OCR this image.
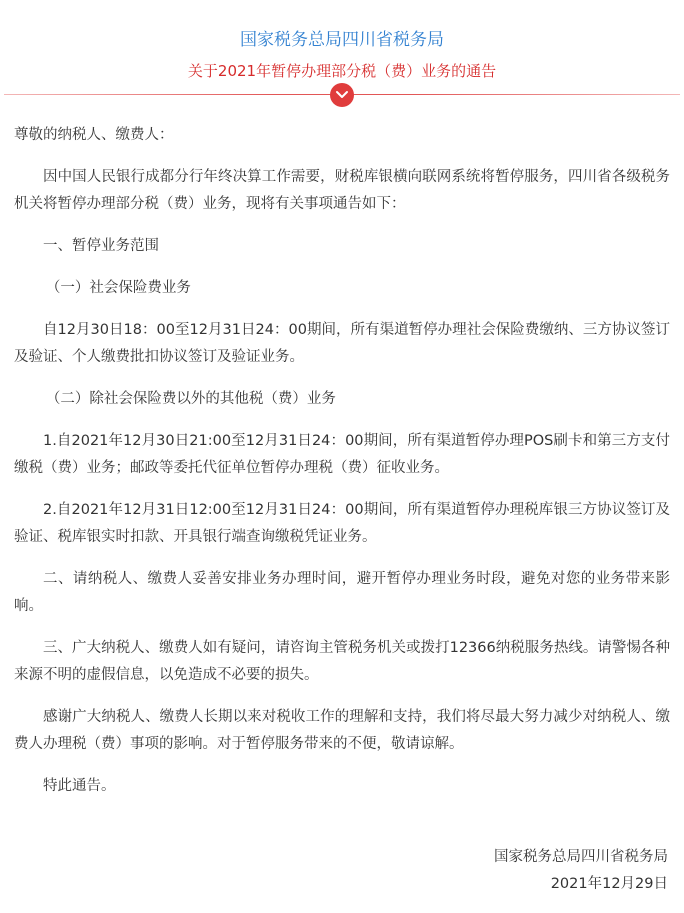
国家税务总局四川省税务局
关于2021年暂停办理部分税（费）业务的通告

尊敬的纳税人、缴费人：

因中国人民银行成都分行年终决算工作需要，财税库银横向联网系统将暂停服务，四川省各级税务机关将暂停办理部分税（费）业务，现将有关事项通告如下：

一、暂停业务范围

（一）社会保险费业务

自12月30日18：00至12月31日24：00期间，所有渠道暂停办理社会保险费缴纳、三方协议签订及验证、个人缴费批扣协议签订及验证业务。

（二）除社会保险费以外的其他税（费）业务

1.自2021年12月30日21:00至12月31日24：00期间，所有渠道暂停办理POS刷卡和第三方支付缴税（费）业务；邮政等委托代征单位暂停办理税（费）征收业务。

2.自2021年12月31日12:00至12月31日24：00期间，所有渠道暂停办理税库银三方协议签订及验证、税库银实时扣款、开具银行端查询缴税凭证业务。

二、请纳税人、缴费人妥善安排业务办理时间，避开暂停办理业务时段，避免对您的业务带来影响。

三、广大纳税人、缴费人如有疑问，请咨询主管税务机关或拨打12366纳税服务热线。请警惕各种来源不明的虚假信息，以免造成不必要的损失。

感谢广大纳税人、缴费人长期以来对税收工作的理解和支持，我们将尽最大努力减少对纳税人、缴费人办理税（费）事项的影响。对于暂停服务带来的不便，敬请谅解。

特此通告。

国家税务总局四川省税务局
2021年12月29日
